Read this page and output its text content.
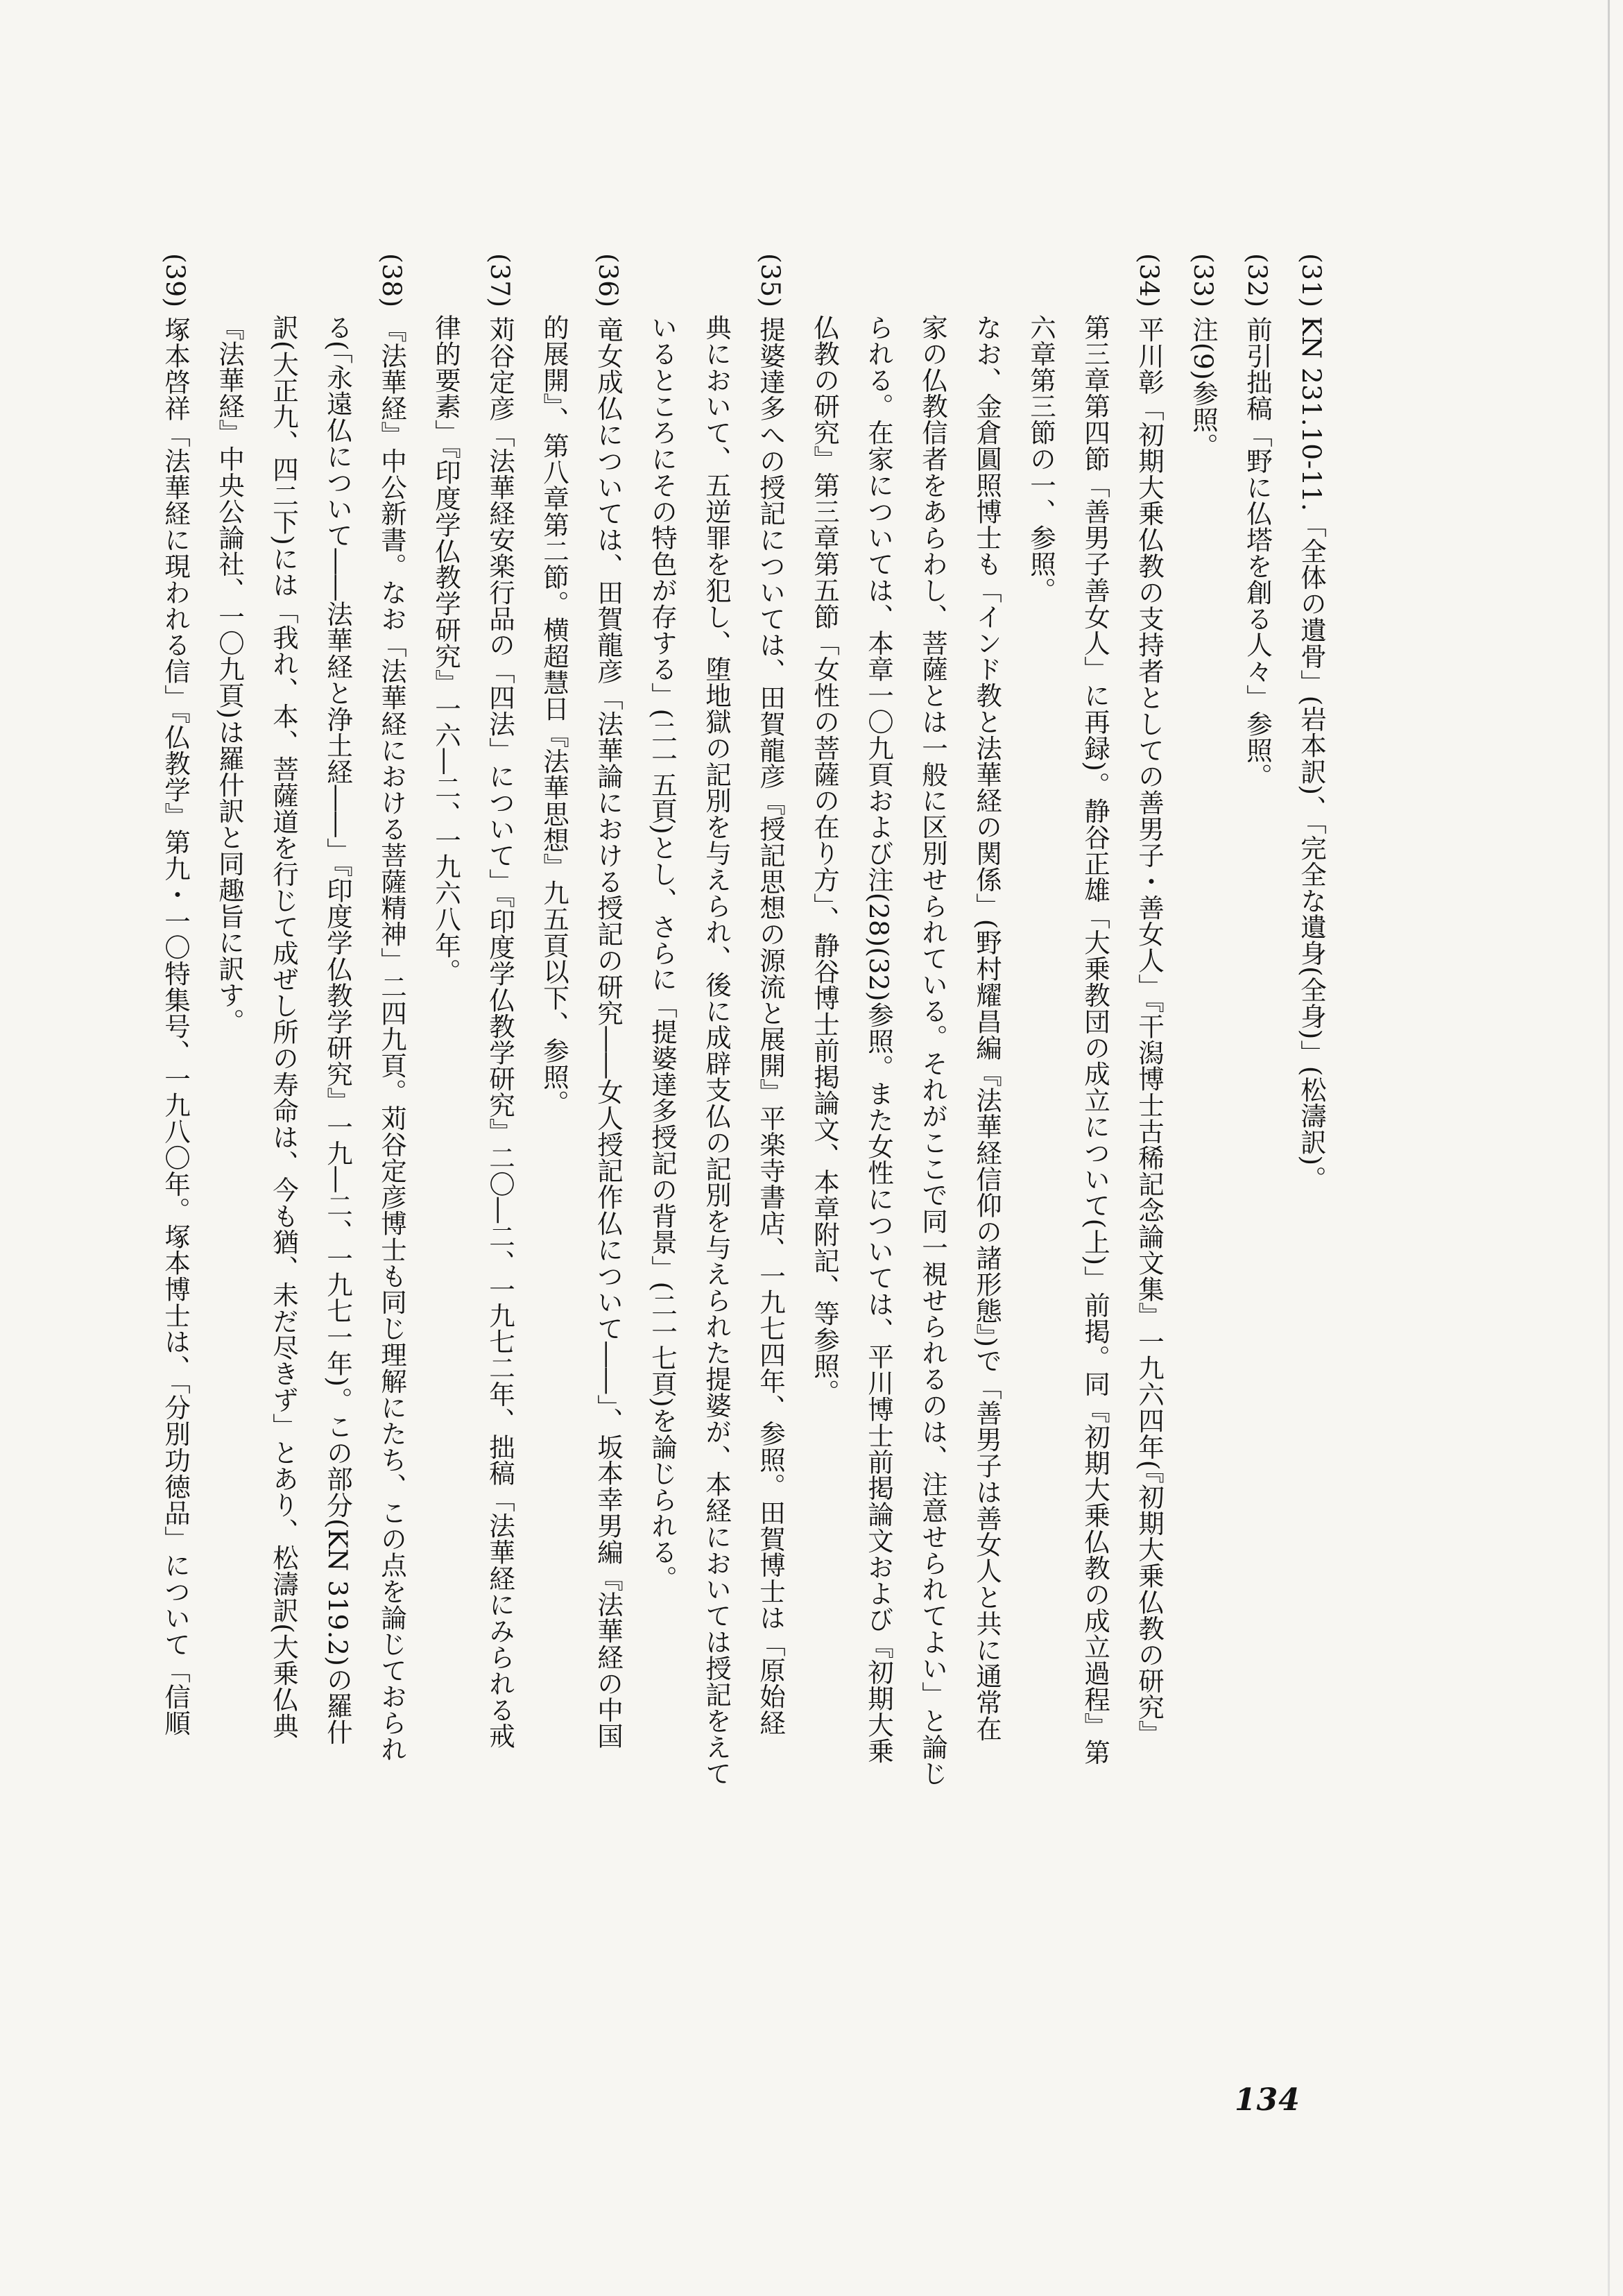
(31) KN 231.10-11.「全体の遺骨」(岩本訳)、「完全な遺身(全身)」(松濤訳)。
(32) 前引拙稿「野に仏塔を創る人々」参照。
(33) 注(9)参照。
(34) 平川彰「初期大乗仏教の支持者としての善男子・善女人」『干潟博士古稀記念論文集』一九六四年(『初期大乗仏教の研究』
第三章第四節「善男子善女人」に再録)。静谷正雄「大乗教団の成立について(上)」前掲。同『初期大乗仏教の成立過程』第
六章第三節の一、参照。
なお、金倉圓照博士も「インド教と法華経の関係」(野村耀昌編『法華経信仰の諸形態』)で「善男子は善女人と共に通常在
家の仏教信者をあらわし、菩薩とは一般に区別せられている。それがここで同一視せられるのは、注意せられてよい」と論じ
られる。在家については、本章一〇九頁および注(28)(32)参照。また女性については、平川博士前掲論文および『初期大乗
仏教の研究』第三章第五節「女性の菩薩の在り方」、静谷博士前掲論文、本章附記、等参照。
(35) 提婆達多への授記については、田賀龍彦『授記思想の源流と展開』平楽寺書店、一九七四年、参照。田賀博士は「原始経
典において、五逆罪を犯し、堕地獄の記別を与えられ、後に成辟支仏の記別を与えられた提婆が、本経においては授記をえて
いるところにその特色が存する」(二一五頁)とし、さらに「提婆達多授記の背景」(二一七頁)を論じられる。
(36) 竜女成仏については、田賀龍彦「法華論における授記の研究――女人授記作仏について――」、坂本幸男編『法華経の中国
的展開』、第八章第二節。横超慧日『法華思想』九五頁以下、参照。
(37) 苅谷定彦「法華経安楽行品の「四法」について」『印度学仏教学研究』二〇―二、一九七二年、拙稿「法華経にみられる戒
律的要素」『印度学仏教学研究』一六―二、一九六八年。
(38) 『法華経』中公新書。なお「法華経における菩薩精神」二四九頁。苅谷定彦博士も同じ理解にたち、この点を論じておられ
る(「永遠仏について――法華経と浄土経――」『印度学仏教学研究』一九―二、一九七一年)。この部分(KN 319.2)の羅什
訳(大正九、四二下)には「我れ、本、菩薩道を行じて成ぜし所の寿命は、今も猶、未だ尽きず」とあり、松濤訳(大乗仏典
『法華経』中央公論社、一〇九頁)は羅什訳と同趣旨に訳す。
(39) 塚本啓祥「法華経に現われる信」『仏教学』第九・一〇特集号、一九八〇年。塚本博士は、「分別功徳品」について「信順
134
